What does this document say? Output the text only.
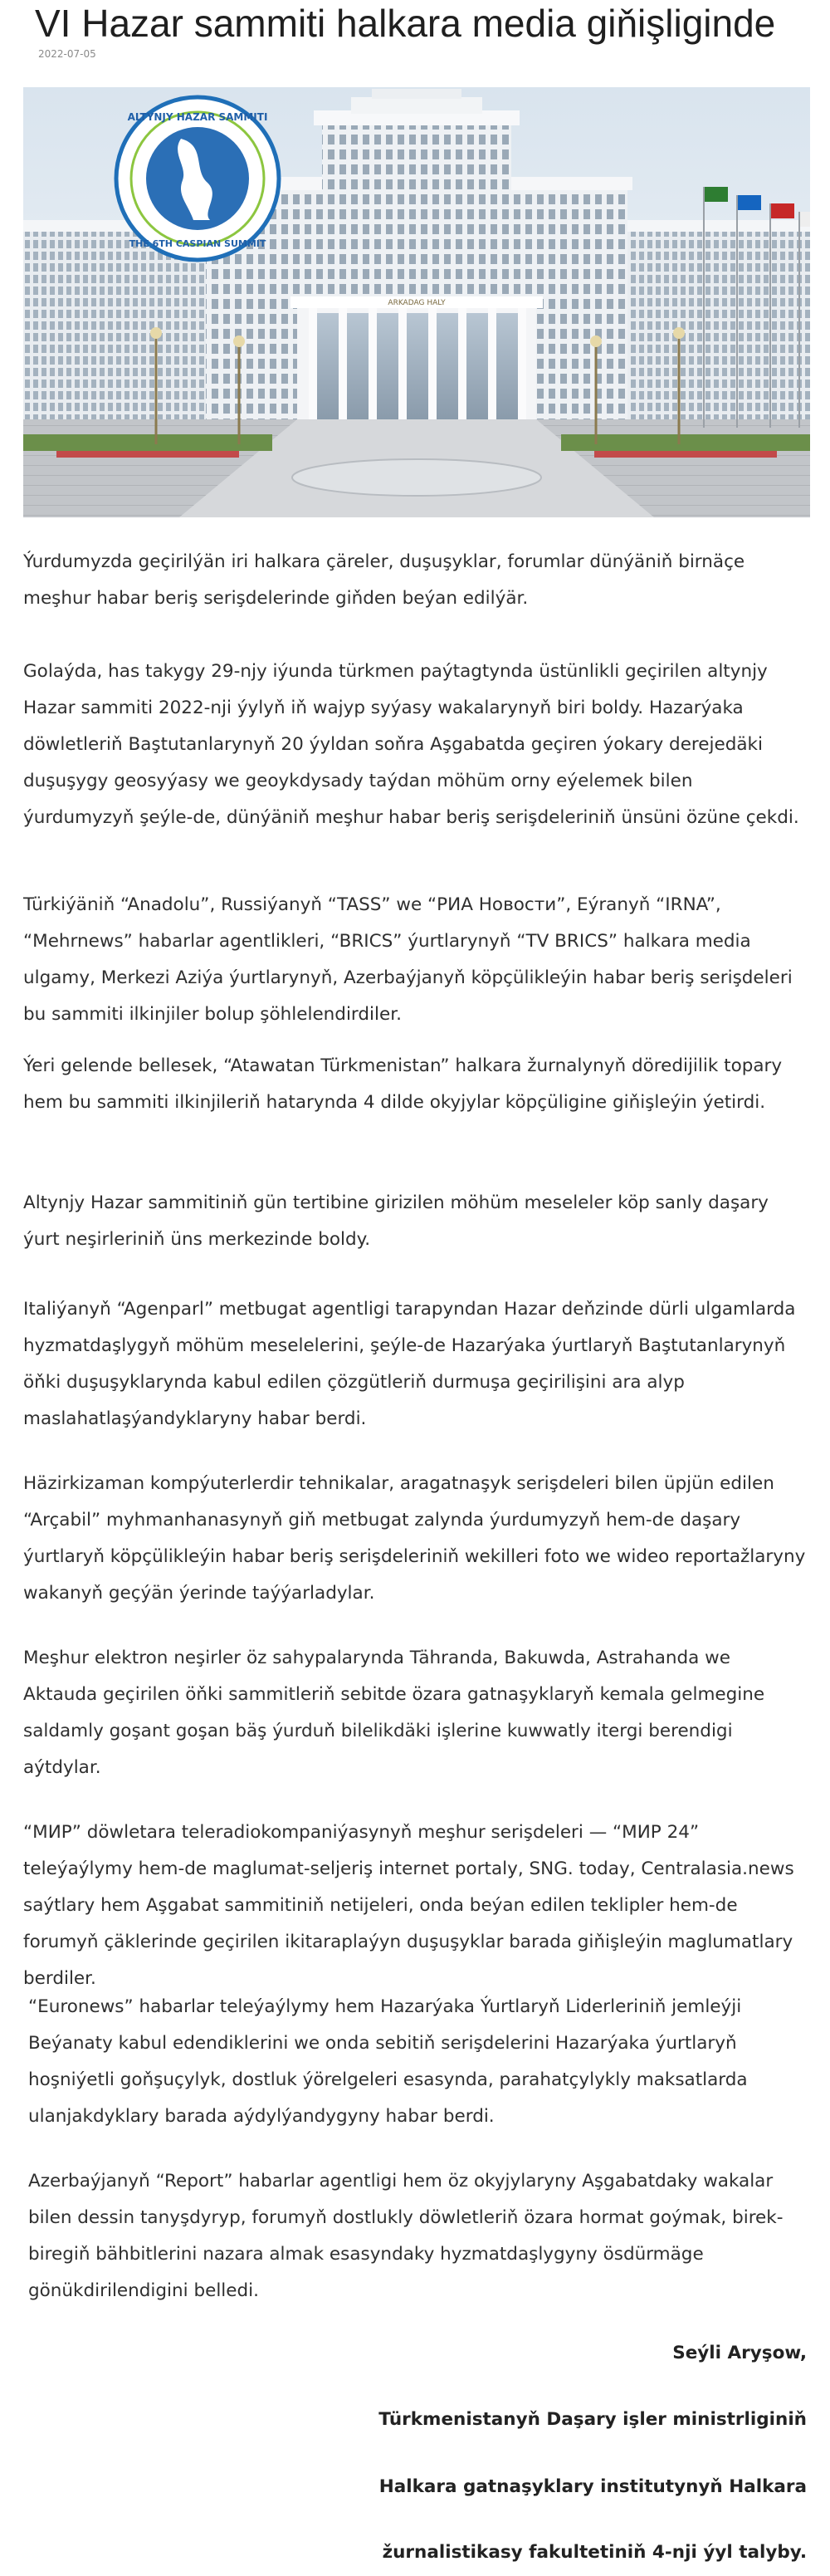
VI Hazar sammiti halkara media giňişliginde
2022-07-05
ARKADAG HALY
ALTYNJY HAZAR SAMMITI
THE 6TH CASPIAN SUMMIT

Ýurdumyzda geçirilýän iri halkara çäreler, duşuşyklar, forumlar dünýäniň birnäçe meşhur habar beriş serişdelerinde giňden beýan edilýär.

Golaýda, has takygy 29-njy iýunda türkmen paýtagtynda üstünlikli geçirilen altynjy Hazar sammiti 2022-nji ýylyň iň wajyp syýasy wakalarynyň biri boldy. Hazarýaka döwletleriň Baştutanlarynyň 20 ýyldan soňra Aşgabatda geçiren ýokary derejedäki duşuşygy geosyýasy we geoykdysady taýdan möhüm orny eýelemek bilen ýurdumyzyň şeýle-de, dünýäniň meşhur habar beriş serişdeleriniň ünsüni özüne çekdi.

Türkiýäniň “Anadolu”, Russiýanyň “TASS” we “РИА Новости”, Eýranyň “IRNA”, “Mehrnews” habarlar agentlikleri, “BRICS” ýurtlarynyň “TV BRICS” halkara media ulgamy, Merkezi Aziýa ýurtlarynyň, Azerbaýjanyň köpçülikleýin habar beriş serişdeleri bu sammiti ilkinjiler bolup şöhlelendirdiler.

Ýeri gelende bellesek, “Atawatan Türkmenistan” halkara žurnalynyň döredijilik topary hem bu sammiti ilkinjileriň hatarynda 4 dilde okyjylar köpçüligine giňişleýin ýetirdi.

Altynjy Hazar sammitiniň gün tertibine girizilen möhüm meseleler köp sanly daşary ýurt neşirleriniň üns merkezinde boldy.

Italiýanyň “Agenparl” metbugat agentligi tarapyndan Hazar deňzinde dürli ulgamlarda hyzmatdaşlygyň möhüm meselelerini, şeýle-de Hazarýaka ýurtlaryň Baştutanlarynyň öňki duşuşyklarynda kabul edilen çözgütleriň durmuşa geçirilişini ara alyp maslahatlaşýandyklaryny habar berdi.

Häzirkizaman kompýuterlerdir tehnikalar, aragatnaşyk serişdeleri bilen üpjün edilen “Arçabil” myhmanhanasynyň giň metbugat zalynda ýurdumyzyň hem-de daşary ýurtlaryň köpçülikleýin habar beriş serişdeleriniň wekilleri foto we wideo reportažlaryny wakanyň geçýän ýerinde taýýarladylar.

Meşhur elektron neşirler öz sahypalarynda Tähranda, Bakuwda, Astrahanda we Aktauda geçirilen öňki sammitleriň sebitde özara gatnaşyklaryň kemala gelmegine saldamly goşant goşan bäş ýurduň bilelikdäki işlerine kuwwatly itergi berendigi aýtdylar.

“МИР” döwletara teleradiokompaniýasynyň meşhur serişdeleri — “МИР 24” teleýaýlymy hem-de maglumat-seljeriş internet portaly, SNG. today, Centralasia.news saýtlary hem Aşgabat sammitiniň netijeleri, onda beýan edilen teklipler hem-de forumyň çäklerinde geçirilen ikitaraplaýyn duşuşyklar barada giňişleýin maglumatlary berdiler.

“Euronews” habarlar teleýaýlymy hem Hazarýaka Ýurtlaryň Liderleriniň jemleýji Beýanaty kabul edendiklerini we onda sebitiň serişdelerini Hazarýaka ýurtlaryň hoşniýetli goňşuçylyk, dostluk ýörelgeleri esasynda, parahatçylykly maksatlarda ulanjakdyklary barada aýdylýandygyny habar berdi.

Azerbaýjanyň “Report” habarlar agentligi hem öz okyjylaryny Aşgabatdaky wakalar bilen dessin tanyşdyryp, forumyň dostlukly döwletleriň özara hormat goýmak, birek-biregiň bähbitlerini nazara almak esasyndaky hyzmatdaşlygyny ösdürmäge gönükdirilendigini belledi.

Seýli Aryşow,

Türkmenistanyň Daşary işler ministrliginiň

Halkara gatnaşyklary institutynyň Halkara

žurnalistikasy fakultetiniň 4-nji ýyl talyby.
